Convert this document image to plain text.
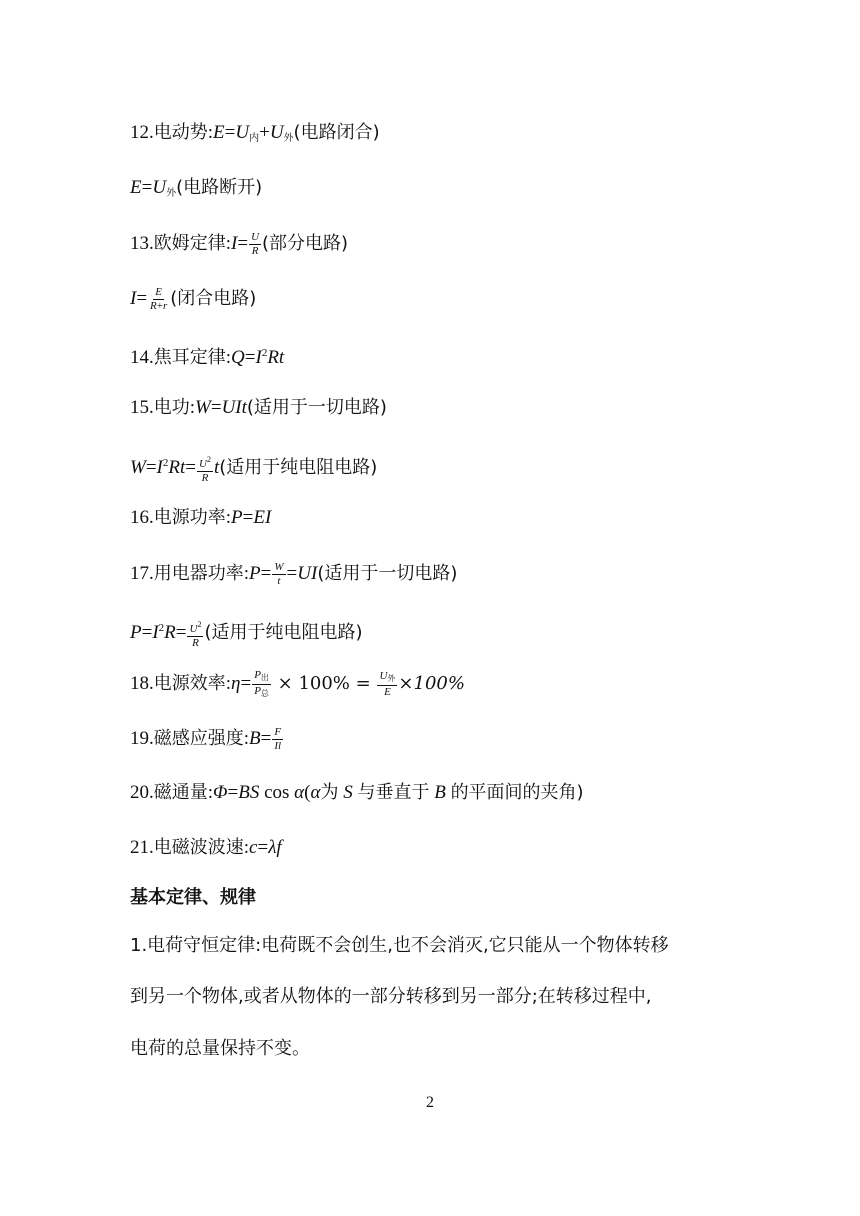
12.电动势$:E=U_内+U_外$(电路闭合)
$E=U_外$(电路断开)
13.欧姆定律:I= $\frac{U}{R}$ (部分电路)
$I= \frac{E}{R+r}$ (闭合电路)
14.焦耳定律$:Q=I^2Rt$
15.电功:W=UIt(适用于一切电路)
$W=I^2Rt= \frac{U^2}{R} t$(适用于纯电阻电路)
16.电源功率:P=EI
17.用电器功率:P= $\frac{W}{t} =UI$(适用于一切电路)
$P=I^2R= \frac{U^2}{R}$ (适用于纯电阻电路)
18.电源效率:η= $\frac{P_出}{P_总} \times 100\% = \frac{U_外}{E} \times 100\%$
19.磁感应强度:B= $\frac{F}{Il}$
20.磁通量:Φ=BS cos α(α为 S 与垂直于 B 的平面间的夹角)
21.电磁波波速:c=λf
基本定律、规律
1.电荷守恒定律:电荷既不会创生,也不会消灭,它只能从一个物体转移
到另一个物体,或者从物体的一部分转移到另一部分;在转移过程中,
电荷的总量保持不变。
2
